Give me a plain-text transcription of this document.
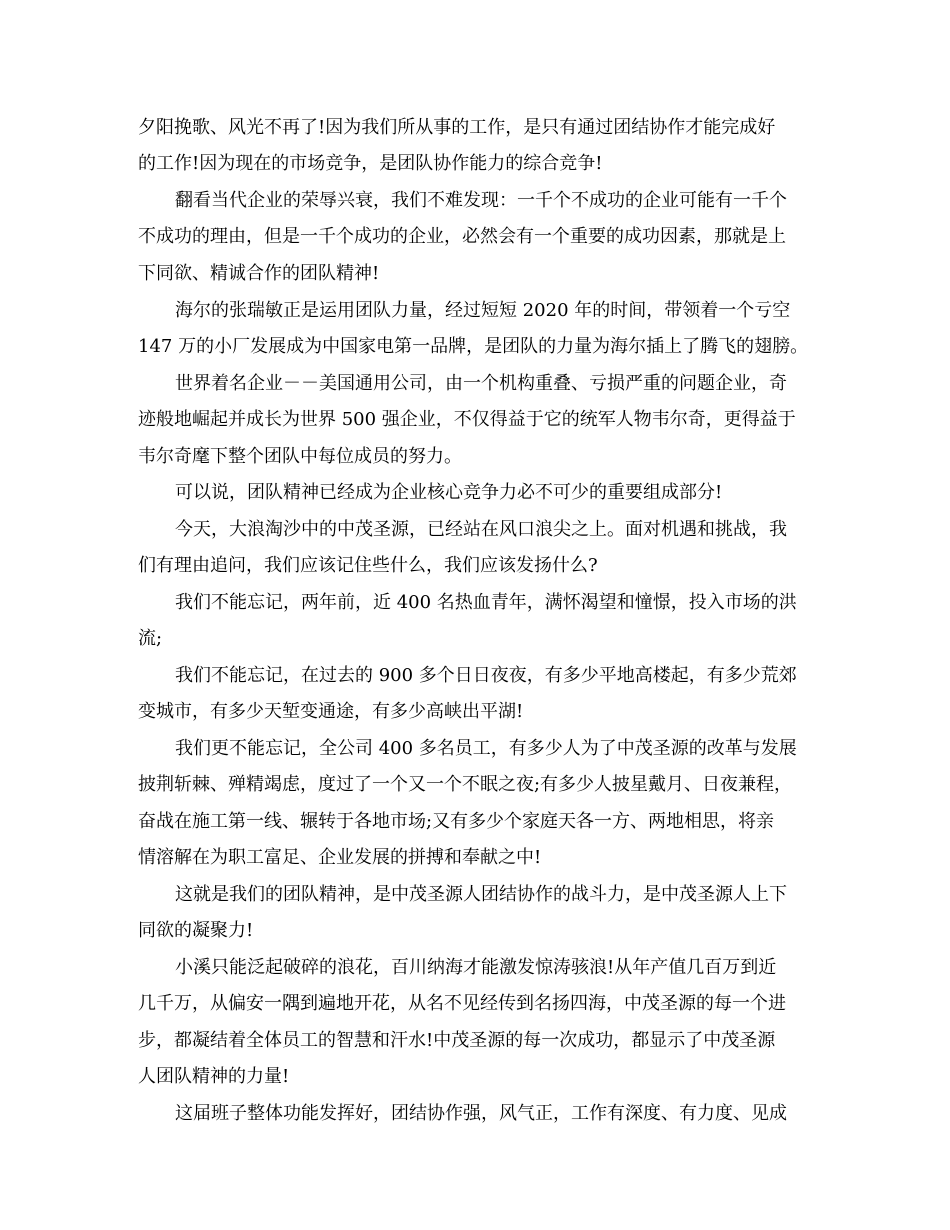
夕阳挽歌、风光不再了!因为我们所从事的工作，是只有通过团结协作才能完成好
的工作!因为现在的市场竞争，是团队协作能力的综合竞争!
翻看当代企业的荣辱兴衰，我们不难发现：一千个不成功的企业可能有一千个
不成功的理由，但是一千个成功的企业，必然会有一个重要的成功因素，那就是上
下同欲、精诚合作的团队精神!
海尔的张瑞敏正是运用团队力量，经过短短 2020 年的时间，带领着一个亏空
147 万的小厂发展成为中国家电第一品牌，是团队的力量为海尔插上了腾飞的翅膀。
世界着名企业－－美国通用公司，由一个机构重叠、亏损严重的问题企业，奇
迹般地崛起并成长为世界 500 强企业，不仅得益于它的统军人物韦尔奇，更得益于
韦尔奇麾下整个团队中每位成员的努力。
可以说，团队精神已经成为企业核心竞争力必不可少的重要组成部分!
今天，大浪淘沙中的中茂圣源，已经站在风口浪尖之上。面对机遇和挑战，我
们有理由追问，我们应该记住些什么，我们应该发扬什么?
我们不能忘记，两年前，近 400 名热血青年，满怀渴望和憧憬，投入市场的洪
流;
我们不能忘记，在过去的 900 多个日日夜夜，有多少平地高楼起，有多少荒郊
变城市，有多少天堑变通途，有多少高峡出平湖!
我们更不能忘记，全公司 400 多名员工，有多少人为了中茂圣源的改革与发展
披荆斩棘、殚精竭虑，度过了一个又一个不眠之夜;有多少人披星戴月、日夜兼程，
奋战在施工第一线、辗转于各地市场;又有多少个家庭天各一方、两地相思，将亲
情溶解在为职工富足、企业发展的拼搏和奉献之中!
这就是我们的团队精神，是中茂圣源人团结协作的战斗力，是中茂圣源人上下
同欲的凝聚力!
小溪只能泛起破碎的浪花，百川纳海才能激发惊涛骇浪!从年产值几百万到近
几千万，从偏安一隅到遍地开花，从名不见经传到名扬四海，中茂圣源的每一个进
步，都凝结着全体员工的智慧和汗水!中茂圣源的每一次成功，都显示了中茂圣源
人团队精神的力量!
这届班子整体功能发挥好，团结协作强，风气正，工作有深度、有力度、见成
